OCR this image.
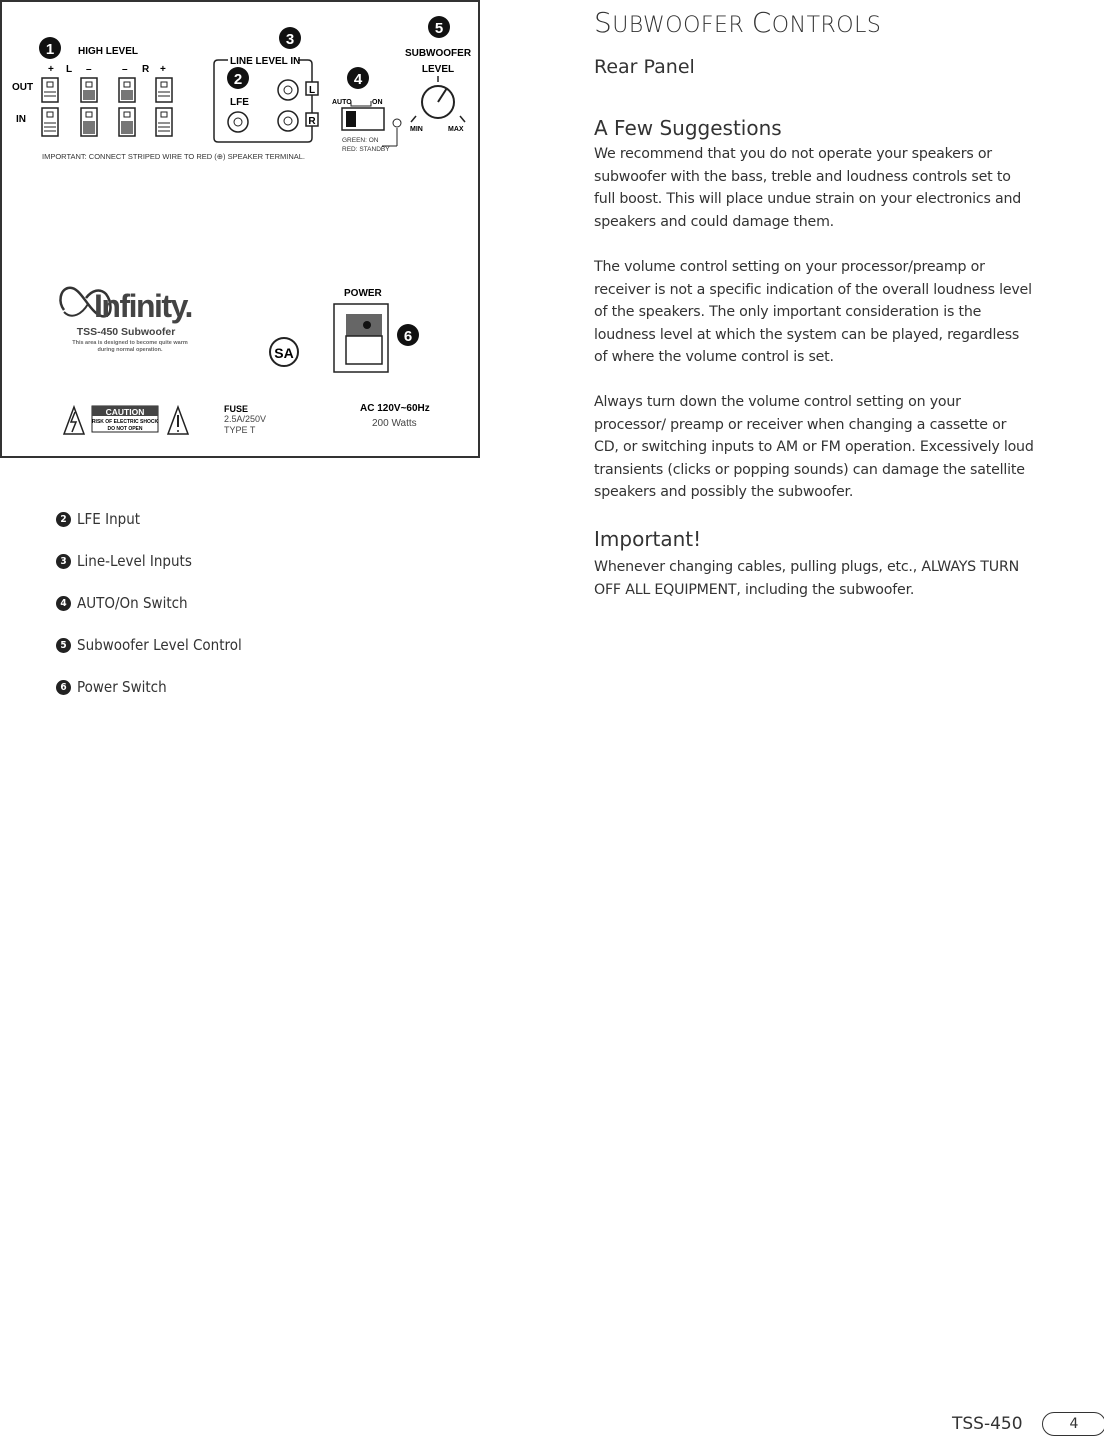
1 HIGH LEVEL
+ L –	– R +
OUT
IN
IMPORTANT: CONNECT STRIPED WIRE TO RED (⊕) SPEAKER TERMINAL.
LINE LEVEL IN
3
2
LFE
L
R
4
AUTO	ON
GREEN: ON
RED: STANDBY
5
SUBWOOFER
LEVEL
MIN	MAX
Infinity.
TSS-450 Subwoofer
This area is designed to become quite warm
during normal operation.	SA
POWER
6
CAUTION
RISK OF ELECTRIC SHOCK
DO NOT OPEN
FUSE
2.5A/250V
TYPE T
AC 120V~60Hz
200 Watts
2 LFE Input
3 Line-Level Inputs
4 AUTO/On Switch
5 Subwoofer Level Control
6 Power Switch
SUBWOOFER CONTROLS
Rear Panel
A Few Suggestions
We recommend that you do not operate your speakers or subwoofer with the bass, treble and loudness controls set to full boost. This will place undue strain on your electronics and speakers and could damage them.
The volume control setting on your processor/preamp or receiver is not a specific indication of the overall loudness level of the speakers. The only important consideration is the loudness level at which the system can be played, regardless of where the volume control is set.
Always turn down the volume control setting on your processor/ preamp or receiver when changing a cassette or CD, or switching inputs to AM or FM operation. Excessively loud transients (clicks or popping sounds) can damage the satellite speakers and possibly the subwoofer.
Important!
Whenever changing cables, pulling plugs, etc., ALWAYS TURN OFF ALL EQUIPMENT, including the subwoofer.
TSS-450	4
